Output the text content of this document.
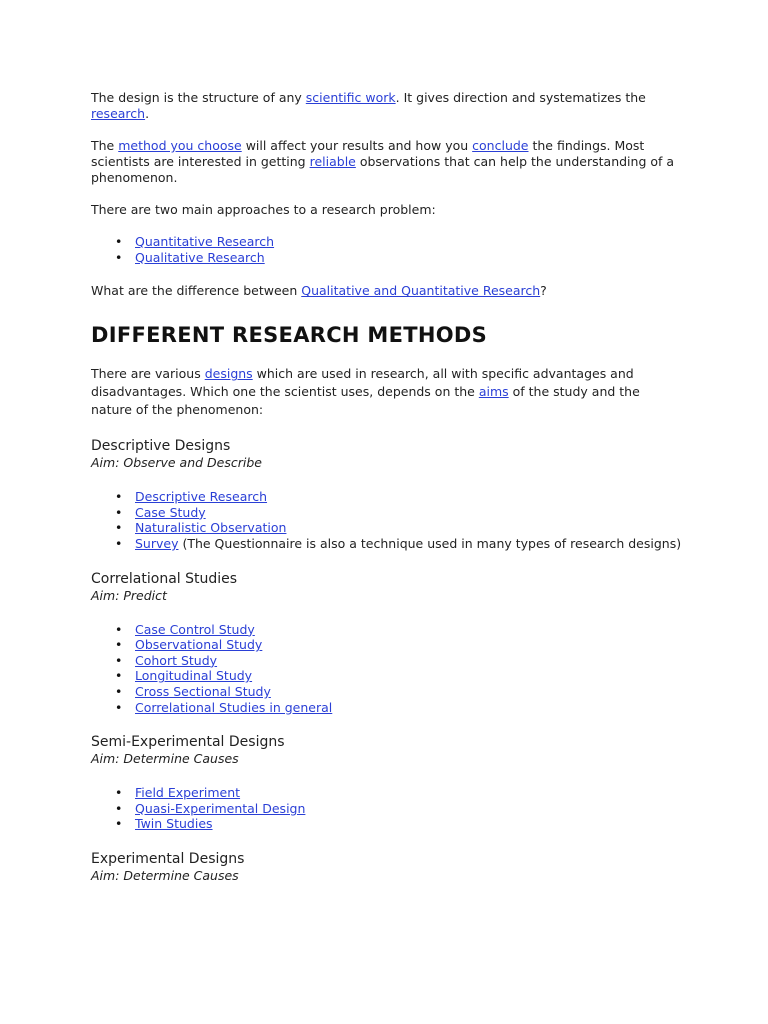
The design is the structure of any scientific work. It gives direction and systematizes the research.

The method you choose will affect your results and how you conclude the findings. Most scientists are interested in getting reliable observations that can help the understanding of a phenomenon.

There are two main approaches to a research problem:

• Quantitative Research
• Qualitative Research

What are the difference between Qualitative and Quantitative Research?

DIFFERENT RESEARCH METHODS

There are various designs which are used in research, all with specific advantages and disadvantages. Which one the scientist uses, depends on the aims of the study and the nature of the phenomenon:

Descriptive Designs
Aim: Observe and Describe
• Descriptive Research
• Case Study
• Naturalistic Observation
• Survey (The Questionnaire is also a technique used in many types of research designs)
Correlational Studies
Aim: Predict
• Case Control Study
• Observational Study
• Cohort Study
• Longitudinal Study
• Cross Sectional Study
• Correlational Studies in general
Semi-Experimental Designs
Aim: Determine Causes
• Field Experiment
• Quasi-Experimental Design
• Twin Studies
Experimental Designs
Aim: Determine Causes
